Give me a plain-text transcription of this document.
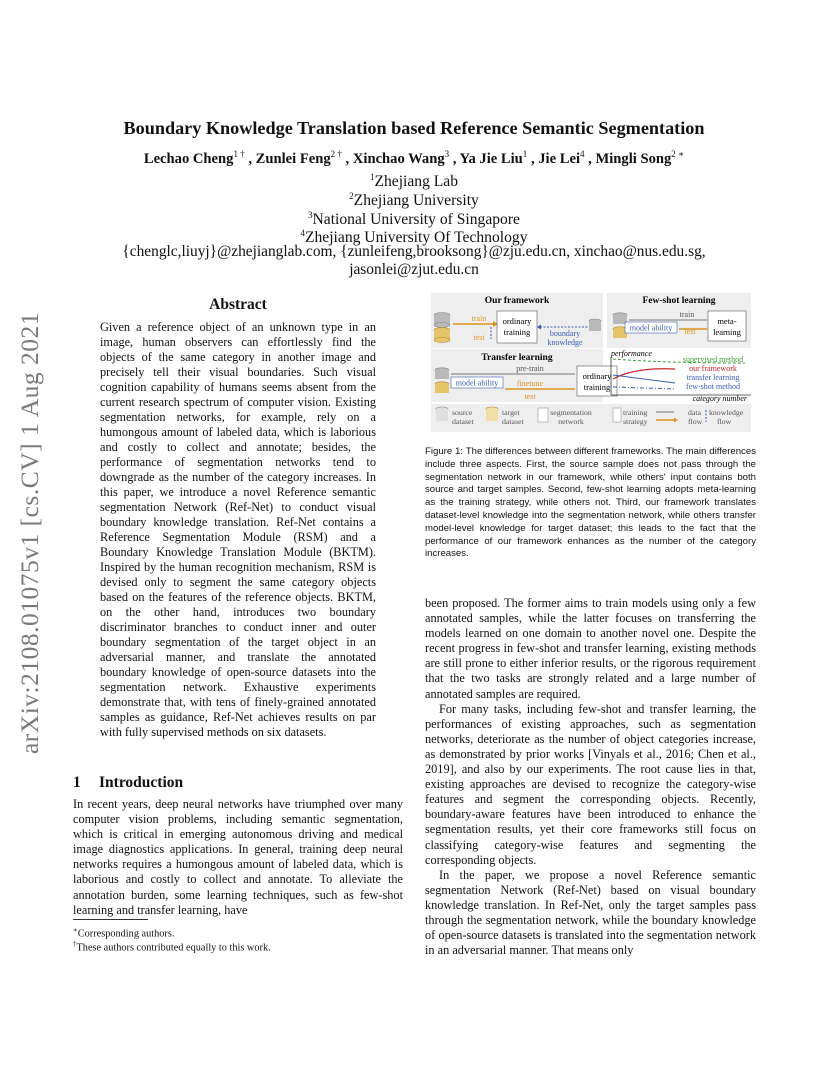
Boundary Knowledge Translation based Reference Semantic Segmentation
Lechao Cheng$^{1 \dagger}$ , Zunlei Feng$^{2 \dagger}$ , Xinchao Wang$^3$ , Ya Jie Liu$^1$ , Jie Lei$^4$ , Mingli Song$^{2 ∗}$
$^1$Zhejiang Lab
$^2$Zhejiang University
$^3$National University of Singapore
$^4$Zhejiang University Of Technology
{chenglc,liuyj}@zhejianglab.com, {zunleifeng,brooksong}@zju.edu.cn, xinchao@nus.edu.sg,
jasonlei@zjut.edu.cn
arXiv:2108.01075v1 [cs.CV] 1 Aug 2021
Abstract
Given a reference object of an unknown type in an image, human observers can effortlessly find the objects of the same category in another image and precisely tell their visual boundaries. Such visual cognition capability of humans seems absent from the current research spectrum of computer vision. Existing segmentation networks, for example, rely on a humongous amount of labeled data, which is laborious and costly to collect and annotate; besides, the performance of segmentation networks tend to downgrade as the number of the category increases. In this paper, we introduce a novel Reference semantic segmentation Network (Ref-Net) to conduct visual boundary knowledge translation. Ref-Net contains a Reference Segmentation Module (RSM) and a Boundary Knowledge Translation Module (BKTM). Inspired by the human recognition mechanism, RSM is devised only to segment the same category objects based on the features of the reference objects. BKTM, on the other hand, introduces two boundary discriminator branches to conduct inner and outer boundary segmentation of the target object in an adversarial manner, and translate the annotated boundary knowledge of open-source datasets into the segmentation network. Exhaustive experiments demonstrate that, with tens of finely-grained annotated samples as guidance, Ref-Net achieves results on par with fully supervised methods on six datasets.
1 Introduction
In recent years, deep neural networks have triumphed over many computer vision problems, including semantic segmentation, which is critical in emerging autonomous driving and medical image diagnostics applications. In general, training deep neural networks requires a humongous amount of labeled data, which is laborious and costly to collect and annotate. To alleviate the annotation burden, some learning techniques, such as few-shot learning and transfer learning, have
∗Corresponding authors.
†These authors contributed equally to this work.
Our framework
train
test
ordinary
training boundary
knowledge
Few-shot learning
train
model ability test
meta-
learning
Transfer learning
pre-train
model ability finetune
test
ordinary
training
performance
supervised method
our framework
transfer learning
few-shot method
category number
source
dataset
target
dataset
segmentation
network
training
strategy
data
flow
knowledge
flow
Figure 1: The differences between different frameworks. The main differences include three aspects. First, the source sample does not pass through the segmentation network in our framework, while others' input contains both source and target samples. Second, few-shot learning adopts meta-learning as the training strategy, while others not. Third, our framework translates dataset-level knowledge into the segmentation network, while others transfer model-level knowledge for target dataset; this leads to the fact that the performance of our framework enhances as the number of the category increases.
been proposed. The former aims to train models using only a few annotated samples, while the latter focuses on transferring the models learned on one domain to another novel one. Despite the recent progress in few-shot and transfer learning, existing methods are still prone to either inferior results, or the rigorous requirement that the two tasks are strongly related and a large number of annotated samples are required.
For many tasks, including few-shot and transfer learning, the performances of existing approaches, such as segmentation networks, deteriorate as the number of object categories increase, as demonstrated by prior works [Vinyals et al., 2016; Chen et al., 2019], and also by our experiments. The root cause lies in that, existing approaches are devised to recognize the category-wise features and segment the corresponding objects. Recently, boundary-aware features have been introduced to enhance the segmentation results, yet their core frameworks still focus on classifying category-wise features and segmenting the corresponding objects.
In the paper, we propose a novel Reference semantic segmentation Network (Ref-Net) based on visual boundary knowledge translation. In Ref-Net, only the target samples pass through the segmentation network, while the boundary knowledge of open-source datasets is translated into the segmentation network in an adversarial manner. That means only
